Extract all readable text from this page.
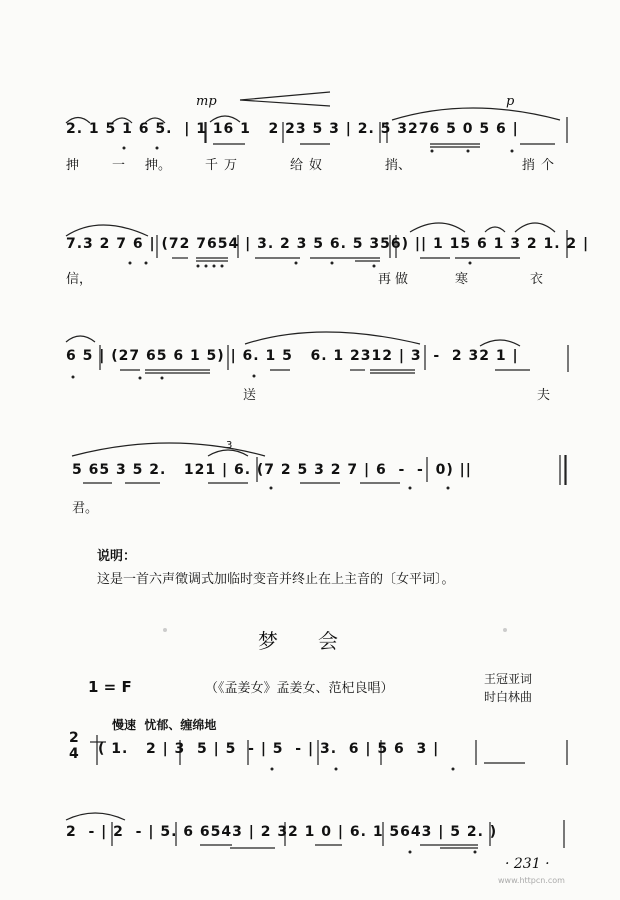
mp	p
2. 1 5 1 6 5.  | 1 16 1   2 23 5 3 | 2. 5 3276 5 0 5 6 |
抻	一 抻。	千万	给奴	捎、	捎个
7.3 2 7 6 | (72 7654 | 3. 2 3 5 6. 5 356) || 1 15 6 1 3 2 1. 2 |
信，	再做	寒	衣
6 5 | (27 65 6 1 5) | 6. 1 5   6. 1 2312 | 3  -  2 32 1 |
送	夫
3
5 65 3 5 2.   121 | 6. (7 2 5 3 2 7 | 6  -  -  0) ||
君。
说明：
这是一首六声徵调式加临时变音并终止在上主音的〔女平词〕。
梦　　会
1 = F	（《孟姜女》孟姜女、范杞良唱）
王冠亚词
时白林曲
慢速  忧郁、缠绵地
2
4 ( 1.   2 | 3  5 | 5  - | 5  - | 3.  6 | 5 6  3 |
2  - | 2  - | 5. 6 6543 | 2 32 1 0 | 6. 1 5643 | 5 2. )
· 231 ·
www.httpcn.com
